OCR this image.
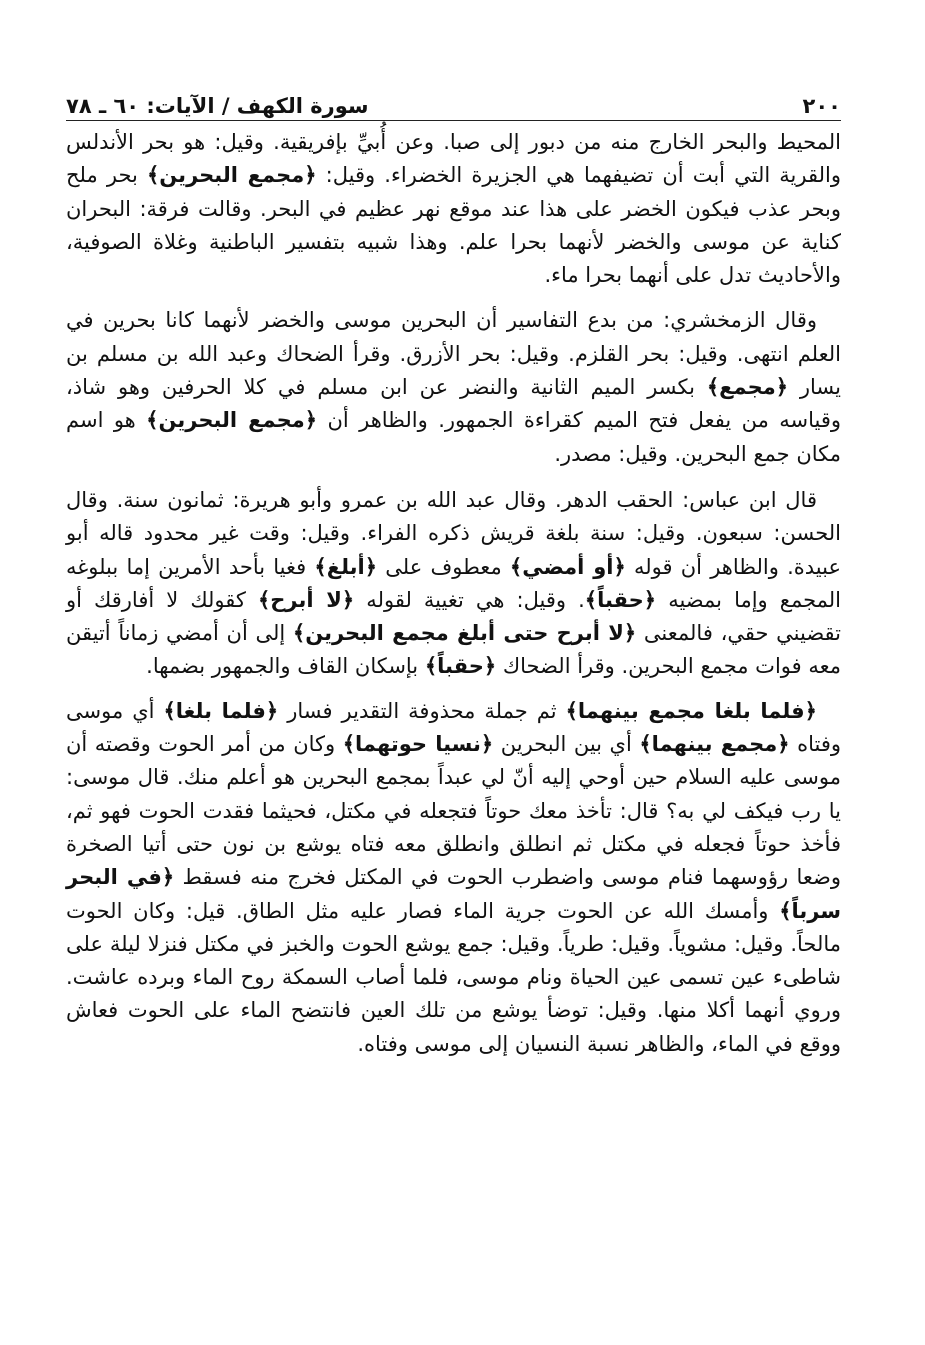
٢٠٠
سورة الكهف / الآيات: ٦٠ ـ ٧٨

المحيط والبحر الخارج منه من دبور إلى صبا. وعن أُبيِّ بإفريقية. وقيل: هو بحر الأندلس والقرية التي أبت أن تضيفهما هي الجزيرة الخضراء. وقيل: ﴿مجمع البحرين﴾ بحر ملح وبحر عذب فيكون الخضر على هذا عند موقع نهر عظيم في البحر. وقالت فرقة: البحران كناية عن موسى والخضر لأنهما بحرا علم. وهذا شبيه بتفسير الباطنية وغلاة الصوفية، والأحاديث تدل على أنهما بحرا ماء.

وقال الزمخشري: من بدع التفاسير أن البحرين موسى والخضر لأنهما كانا بحرين في العلم انتهى. وقيل: بحر القلزم. وقيل: بحر الأزرق. وقرأ الضحاك وعبد الله بن مسلم بن يسار ﴿مجمع﴾ بكسر الميم الثانية والنضر عن ابن مسلم في كلا الحرفين وهو شاذ، وقياسه من يفعل فتح الميم كقراءة الجمهور. والظاهر أن ﴿مجمع البحرين﴾ هو اسم مكان جمع البحرين. وقيل: مصدر.

قال ابن عباس: الحقب الدهر. وقال عبد الله بن عمرو وأبو هريرة: ثمانون سنة. وقال الحسن: سبعون. وقيل: سنة بلغة قريش ذكره الفراء. وقيل: وقت غير محدود قاله أبو عبيدة. والظاهر أن قوله ﴿أو أمضي﴾ معطوف على ﴿أبلغ﴾ فغيا بأحد الأمرين إما ببلوغه المجمع وإما بمضيه ﴿حقباً﴾. وقيل: هي تغيية لقوله ﴿لا أبرح﴾ كقولك لا أفارقك أو تقضيني حقي، فالمعنى ﴿لا أبرح حتى أبلغ مجمع البحرين﴾ إلى أن أمضي زماناً أتيقن معه فوات مجمع البحرين. وقرأ الضحاك ﴿حقباً﴾ بإسكان القاف والجمهور بضمها.

﴿فلما بلغا مجمع بينهما﴾ ثم جملة محذوفة التقدير فسار ﴿فلما بلغا﴾ أي موسى وفتاه ﴿مجمع بينهما﴾ أي بين البحرين ﴿نسيا حوتهما﴾ وكان من أمر الحوت وقصته أن موسى عليه السلام حين أوحي إليه أنّ لي عبداً بمجمع البحرين هو أعلم منك. قال موسى: يا رب فيكف لي به؟ قال: تأخذ معك حوتاً فتجعله في مكتل، فحيثما فقدت الحوت فهو ثم، فأخذ حوتاً فجعله في مكتل ثم انطلق وانطلق معه فتاه يوشع بن نون حتى أتيا الصخرة وضعا رؤوسهما فنام موسى واضطرب الحوت في المكتل فخرج منه فسقط ﴿في البحر سرباً﴾ وأمسك الله عن الحوت جرية الماء فصار عليه مثل الطاق. قيل: وكان الحوت مالحاً. وقيل: مشوياً. وقيل: طرياً. وقيل: جمع يوشع الحوت والخبز في مكتل فنزلا ليلة على شاطىء عين تسمى عين الحياة ونام موسى، فلما أصاب السمكة روح الماء وبرده عاشت. وروي أنهما أكلا منها. وقيل: توضأ يوشع من تلك العين فانتضح الماء على الحوت فعاش ووقع في الماء، والظاهر نسبة النسيان إلى موسى وفتاه.
